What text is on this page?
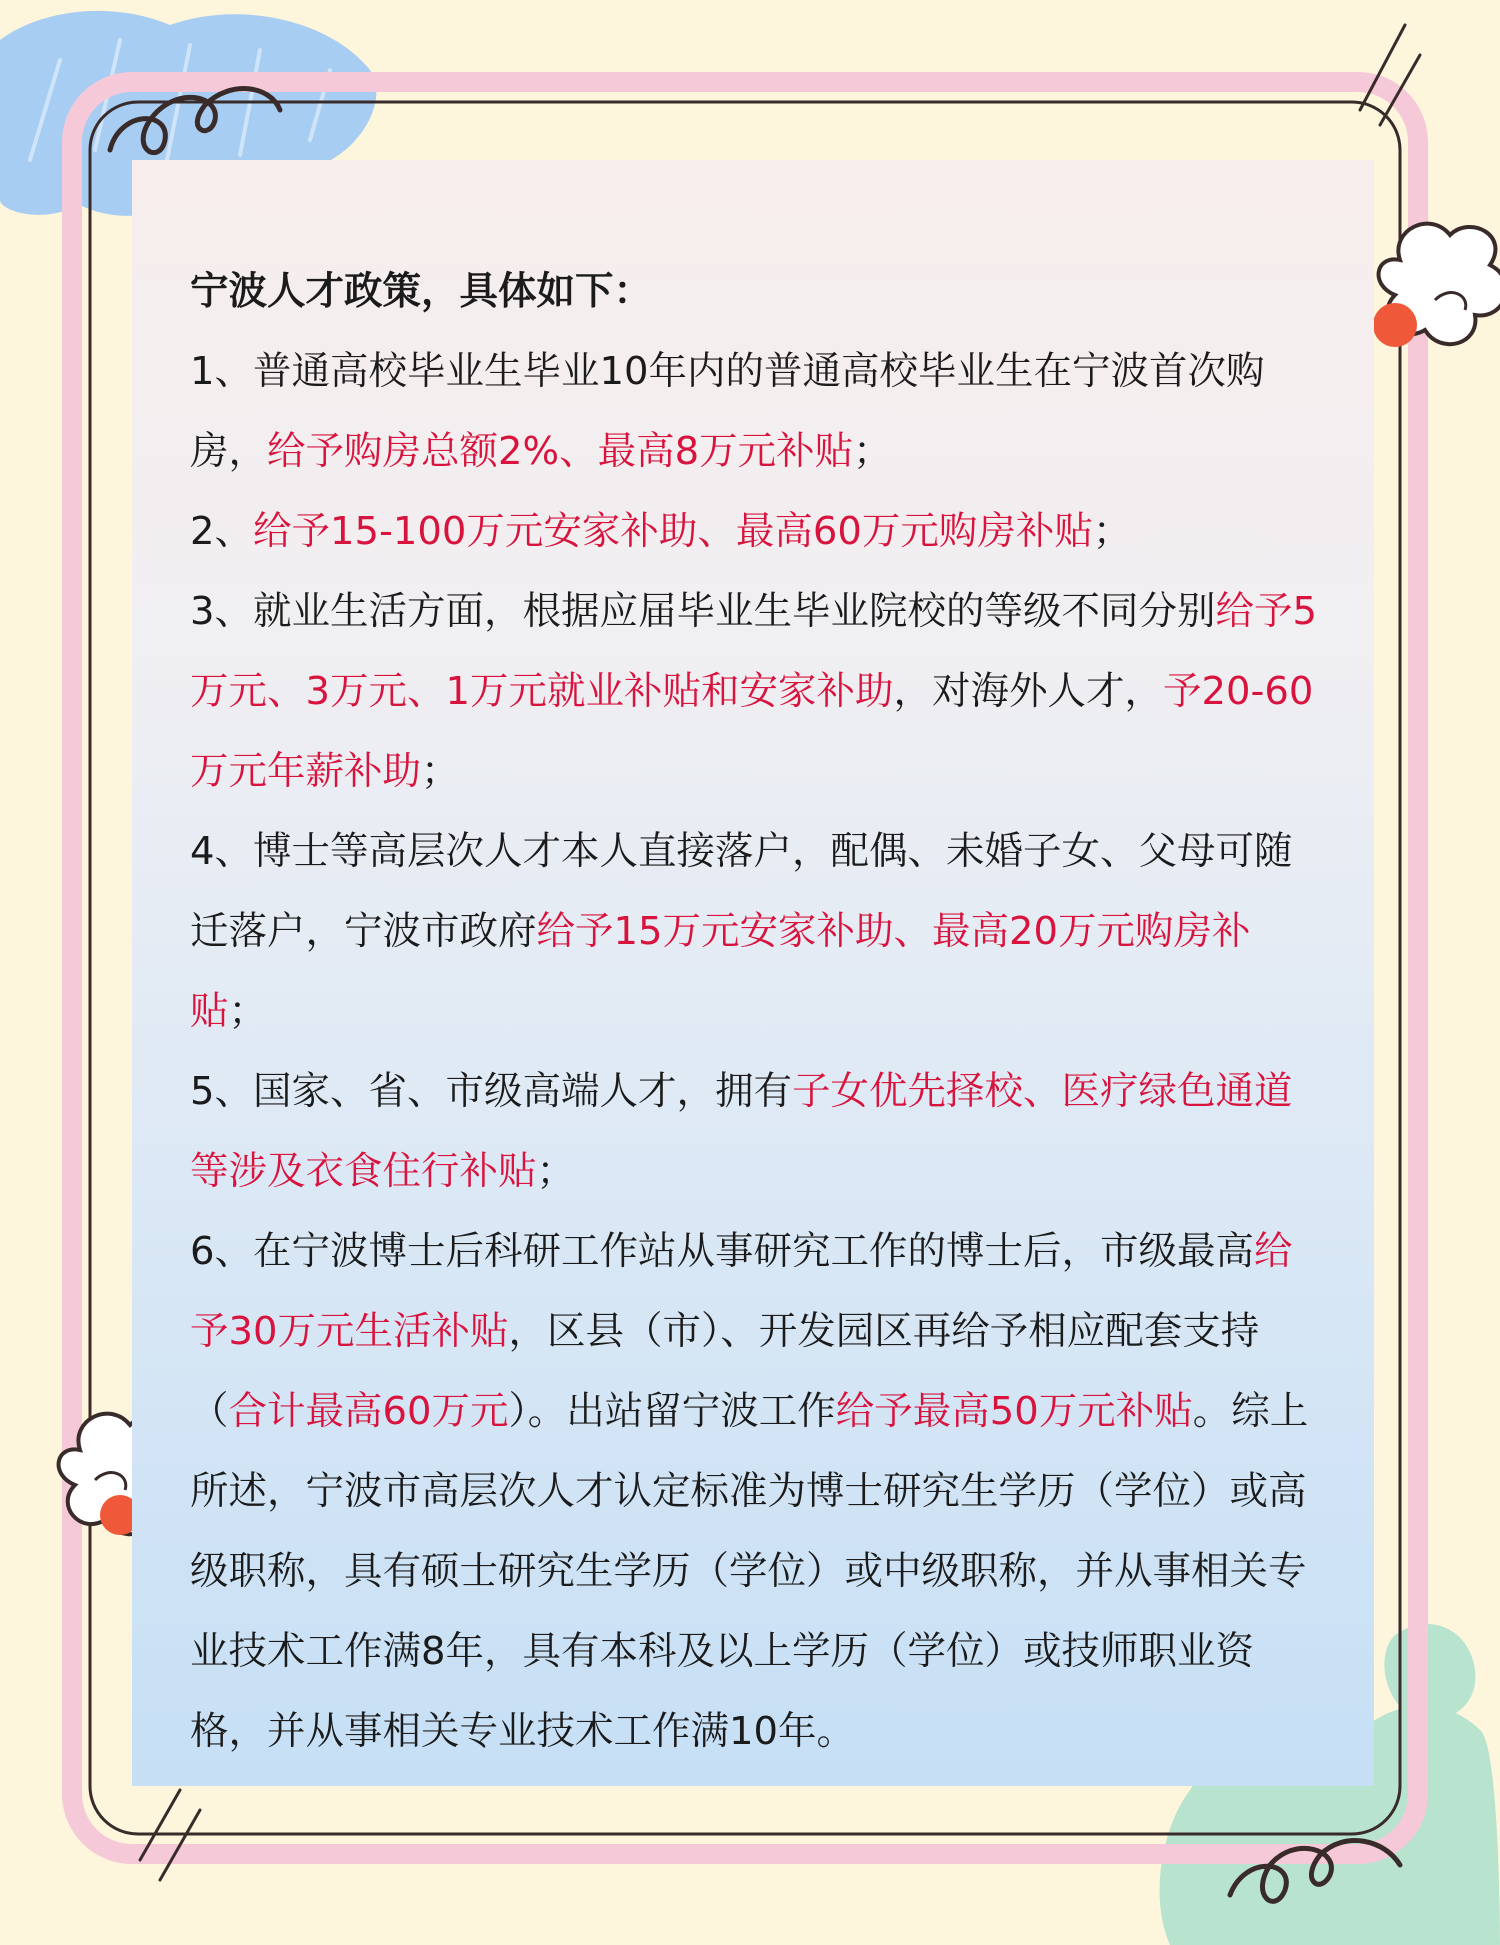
宁波人才政策，具体如下：

1、普通高校毕业生毕业10年内的普通高校毕业生在宁波首次购房，给予购房总额2%、最高8万元补贴；

2、给予15-100万元安家补助、最高60万元购房补贴；

3、就业生活方面，根据应届毕业生毕业院校的等级不同分别给予5万元、3万元、1万元就业补贴和安家补助，对海外人才，予20-60万元年薪补助；

4、博士等高层次人才本人直接落户，配偶、未婚子女、父母可随迁落户，宁波市政府给予15万元安家补助、最高20万元购房补贴；

5、国家、省、市级高端人才，拥有子女优先择校、医疗绿色通道等涉及衣食住行补贴；

6、在宁波博士后科研工作站从事研究工作的博士后，市级最高给予30万元生活补贴，区县（市）、开发园区再给予相应配套支持（合计最高60万元）。出站留宁波工作给予最高50万元补贴。综上所述，宁波市高层次人才认定标准为博士研究生学历（学位）或高级职称，具有硕士研究生学历（学位）或中级职称，并从事相关专业技术工作满8年，具有本科及以上学历（学位）或技师职业资格，并从事相关专业技术工作满10年。
